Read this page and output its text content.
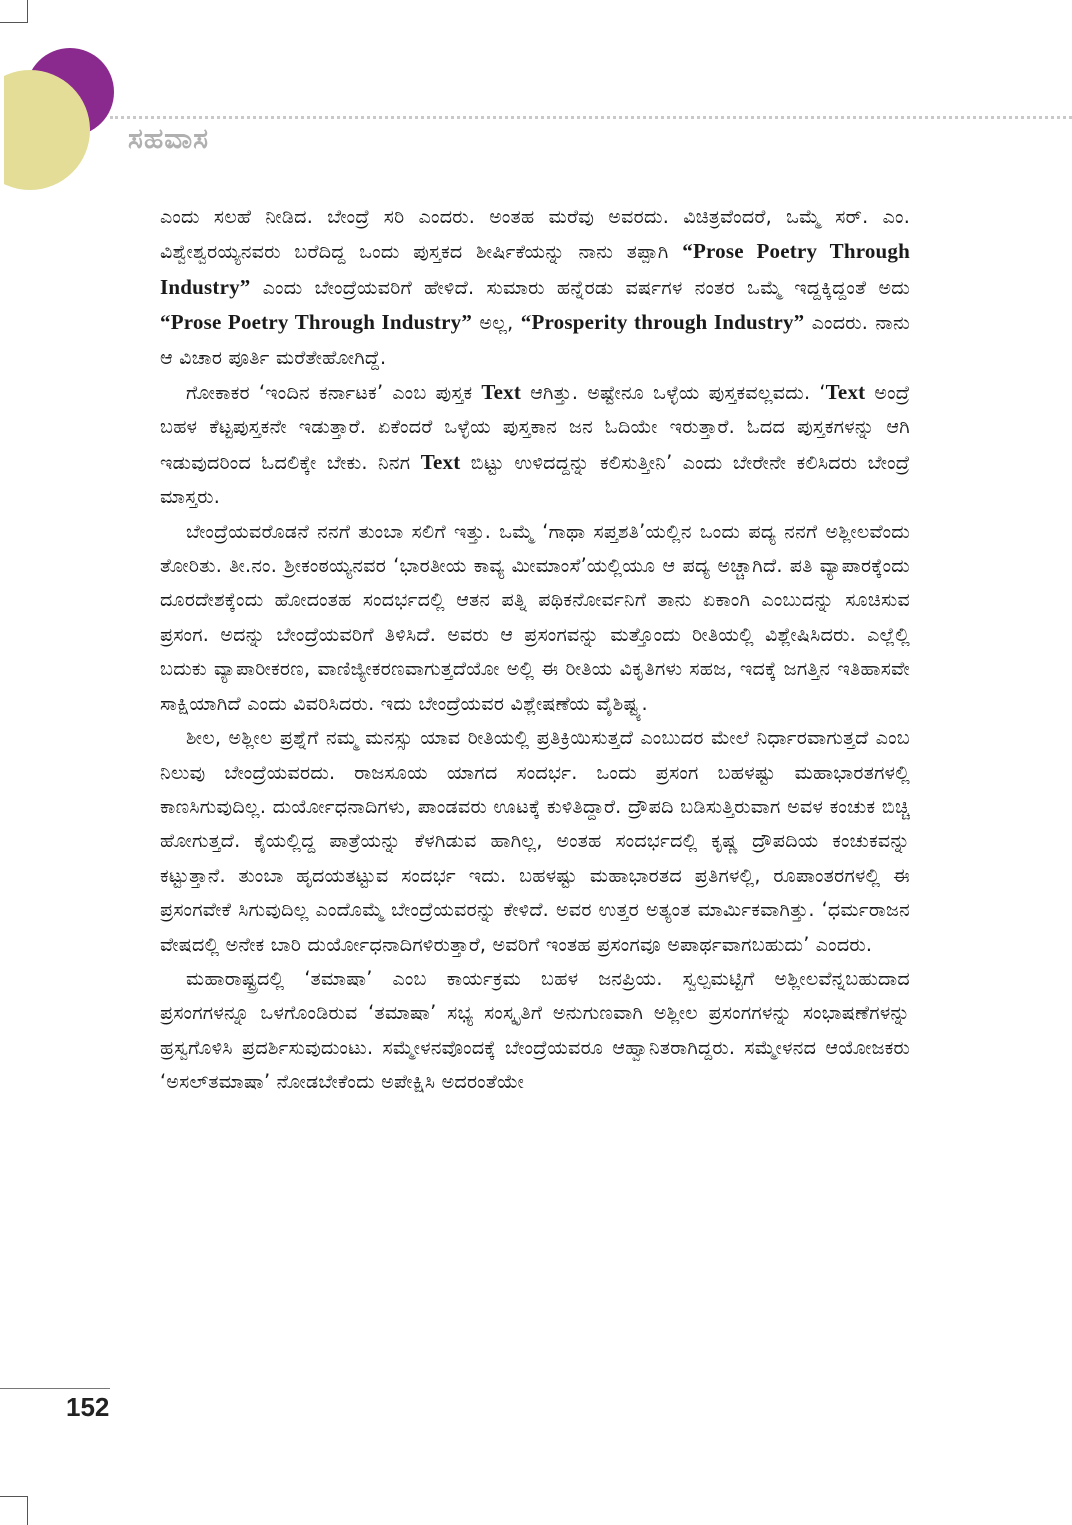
ಸಹವಾಸ

ಎಂದು ಸಲಹೆ ನೀಡಿದ. ಬೇಂದ್ರೆ ಸರಿ ಎಂದರು. ಅಂತಹ ಮರೆವು ಅವರದು. ವಿಚಿತ್ರವೆಂದರೆ, ಒಮ್ಮೆ ಸರ್. ಎಂ. ವಿಶ್ವೇಶ್ವರಯ್ಯನವರು ಬರೆದಿದ್ದ ಒಂದು ಪುಸ್ತಕದ ಶೀರ್ಷಿಕೆಯನ್ನು ನಾನು ತಪ್ಪಾಗಿ “Prose Poetry Through Industry” ಎಂದು ಬೇಂದ್ರೆಯವರಿಗೆ ಹೇಳಿದೆ. ಸುಮಾರು ಹನ್ನೆರಡು ವರ್ಷಗಳ ನಂತರ ಒಮ್ಮೆ ಇದ್ದಕ್ಕಿದ್ದಂತೆ ಅದು “Prose Poetry Through Industry” ಅಲ್ಲ, “Prosperity through Industry” ಎಂದರು. ನಾನು ಆ ವಿಚಾರ ಪೂರ್ತಿ ಮರೆತೇಹೋಗಿದ್ದೆ.

ಗೋಕಾಕರ ‘ಇಂದಿನ ಕರ್ನಾಟಕ’ ಎಂಬ ಪುಸ್ತಕ Text ಆಗಿತ್ತು. ಅಷ್ಟೇನೂ ಒಳ್ಳೆಯ ಪುಸ್ತಕವಲ್ಲವದು. ‘Text ಅಂದ್ರೆ ಬಹಳ ಕೆಟ್ಟಪುಸ್ತಕನೇ ಇಡುತ್ತಾರೆ. ಏಕೆಂದರೆ ಒಳ್ಳೆಯ ಪುಸ್ತಕಾನ ಜನ ಓದಿಯೇ ಇರುತ್ತಾರೆ. ಓದದ ಪುಸ್ತಕಗಳನ್ನು ಆಗಿ ಇಡುವುದರಿಂದ ಓದಲಿಕ್ಕೇ ಬೇಕು. ನಿನಗ Text ಬಿಟ್ಟು ಉಳಿದದ್ದನ್ನು ಕಲಿಸುತ್ತೀನಿ’ ಎಂದು ಬೇರೇನೇ ಕಲಿಸಿದರು ಬೇಂದ್ರೆ ಮಾಸ್ತರು.

ಬೇಂದ್ರೆಯವರೊಡನೆ ನನಗೆ ತುಂಬಾ ಸಲಿಗೆ ಇತ್ತು. ಒಮ್ಮೆ ‘ಗಾಥಾ ಸಪ್ತಶತಿ’ಯಲ್ಲಿನ ಒಂದು ಪದ್ಯ ನನಗೆ ಅಶ್ಲೀಲವೆಂದು ತೋರಿತು. ತೀ.ನಂ. ಶ್ರೀಕಂಠಯ್ಯನವರ ‘ಭಾರತೀಯ ಕಾವ್ಯ ಮೀಮಾಂಸೆ’ಯಲ್ಲಿಯೂ ಆ ಪದ್ಯ ಅಚ್ಚಾಗಿದೆ. ಪತಿ ವ್ಯಾಪಾರಕ್ಕೆಂದು ದೂರದೇಶಕ್ಕೆಂದು ಹೋದಂತಹ ಸಂದರ್ಭದಲ್ಲಿ ಆತನ ಪತ್ನಿ ಪಥಿಕನೋರ್ವನಿಗೆ ತಾನು ಏಕಾಂಗಿ ಎಂಬುದನ್ನು ಸೂಚಿಸುವ ಪ್ರಸಂಗ. ಅದನ್ನು ಬೇಂದ್ರೆಯವರಿಗೆ ತಿಳಿಸಿದೆ. ಅವರು ಆ ಪ್ರಸಂಗವನ್ನು ಮತ್ತೊಂದು ರೀತಿಯಲ್ಲಿ ವಿಶ್ಲೇಷಿಸಿದರು. ಎಲ್ಲೆಲ್ಲಿ ಬದುಕು ವ್ಯಾಪಾರೀಕರಣ, ವಾಣಿಜ್ಯೀಕರಣವಾಗುತ್ತದೆಯೋ ಅಲ್ಲಿ ಈ ರೀತಿಯ ವಿಕೃತಿಗಳು ಸಹಜ, ಇದಕ್ಕೆ ಜಗತ್ತಿನ ಇತಿಹಾಸವೇ ಸಾಕ್ಷಿಯಾಗಿದೆ ಎಂದು ವಿವರಿಸಿದರು. ಇದು ಬೇಂದ್ರೆಯವರ ವಿಶ್ಲೇಷಣೆಯ ವೈಶಿಷ್ಟ್ಯ.

ಶೀಲ, ಅಶ್ಲೀಲ ಪ್ರಶ್ನೆಗೆ ನಮ್ಮ ಮನಸ್ಸು ಯಾವ ರೀತಿಯಲ್ಲಿ ಪ್ರತಿಕ್ರಿಯಿಸುತ್ತದೆ ಎಂಬುದರ ಮೇಲೆ ನಿರ್ಧಾರವಾಗುತ್ತದೆ ಎಂಬ ನಿಲುವು ಬೇಂದ್ರೆಯವರದು. ರಾಜಸೂಯ ಯಾಗದ ಸಂದರ್ಭ. ಒಂದು ಪ್ರಸಂಗ ಬಹಳಷ್ಟು ಮಹಾಭಾರತಗಳಲ್ಲಿ ಕಾಣಸಿಗುವುದಿಲ್ಲ. ದುರ್ಯೋಧನಾದಿಗಳು, ಪಾಂಡವರು ಊಟಕ್ಕೆ ಕುಳಿತಿದ್ದಾರೆ. ದ್ರೌಪದಿ ಬಡಿಸುತ್ತಿರುವಾಗ ಅವಳ ಕಂಚುಕ ಬಿಚ್ಚಿ ಹೋಗುತ್ತದೆ. ಕೈಯಲ್ಲಿದ್ದ ಪಾತ್ರೆಯನ್ನು ಕೆಳಗಿಡುವ ಹಾಗಿಲ್ಲ, ಅಂತಹ ಸಂದರ್ಭದಲ್ಲಿ ಕೃಷ್ಣ ದ್ರೌಪದಿಯ ಕಂಚುಕವನ್ನು ಕಟ್ಟುತ್ತಾನೆ. ತುಂಬಾ ಹೃದಯತಟ್ಟುವ ಸಂದರ್ಭ ಇದು. ಬಹಳಷ್ಟು ಮಹಾಭಾರತದ ಪ್ರತಿಗಳಲ್ಲಿ, ರೂಪಾಂತರಗಳಲ್ಲಿ ಈ ಪ್ರಸಂಗವೇಕೆ ಸಿಗುವುದಿಲ್ಲ ಎಂದೊಮ್ಮೆ ಬೇಂದ್ರೆಯವರನ್ನು ಕೇಳಿದೆ. ಅವರ ಉತ್ತರ ಅತ್ಯಂತ ಮಾರ್ಮಿಕವಾಗಿತ್ತು. ‘ಧರ್ಮರಾಜನ ವೇಷದಲ್ಲಿ ಅನೇಕ ಬಾರಿ ದುರ್ಯೋಧನಾದಿಗಳಿರುತ್ತಾರೆ, ಅವರಿಗೆ ಇಂತಹ ಪ್ರಸಂಗವೂ ಅಪಾರ್ಥವಾಗಬಹುದು’ ಎಂದರು.

ಮಹಾರಾಷ್ಟ್ರದಲ್ಲಿ ‘ತಮಾಷಾ’ ಎಂಬ ಕಾರ್ಯಕ್ರಮ ಬಹಳ ಜನಪ್ರಿಯ. ಸ್ವಲ್ಪಮಟ್ಟಿಗೆ ಅಶ್ಲೀಲವೆನ್ನಬಹುದಾದ ಪ್ರಸಂಗಗಳನ್ನೂ ಒಳಗೊಂಡಿರುವ ‘ತಮಾಷಾ’ ಸಭ್ಯ ಸಂಸ್ಕೃತಿಗೆ ಅನುಗುಣವಾಗಿ ಅಶ್ಲೀಲ ಪ್ರಸಂಗಗಳನ್ನು ಸಂಭಾಷಣೆಗಳನ್ನು ಹ್ರಸ್ವಗೊಳಿಸಿ ಪ್ರದರ್ಶಿಸುವುದುಂಟು. ಸಮ್ಮೇಳನವೊಂದಕ್ಕೆ ಬೇಂದ್ರೆಯವರೂ ಆಹ್ವಾನಿತರಾಗಿದ್ದರು. ಸಮ್ಮೇಳನದ ಆಯೋಜಕರು ‘ಅಸಲ್‌ತಮಾಷಾ’ ನೋಡಬೇಕೆಂದು ಅಪೇಕ್ಷಿಸಿ ಅದರಂತೆಯೇ

152
